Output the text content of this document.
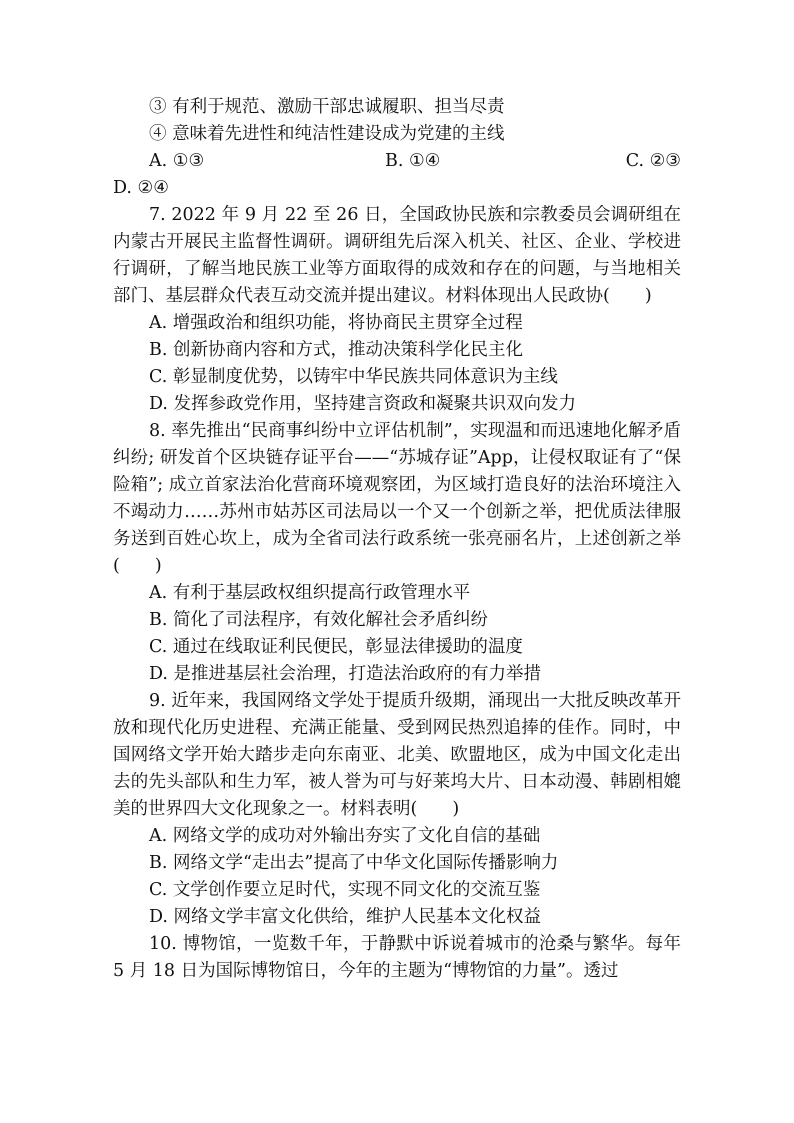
③ 有利于规范、激励干部忠诚履职、担当尽责
④ 意味着先进性和纯洁性建设成为党建的主线
A. ①③	B. ①④	C. ②③
D. ②④

7. 2022 年 9 月 22 至 26 日，全国政协民族和宗教委员会调研组在内蒙古开展民主监督性调研。调研组先后深入机关、社区、企业、学校进行调研，了解当地民族工业等方面取得的成效和存在的问题，与当地相关部门、基层群众代表互动交流并提出建议。材料体现出人民政协(　　)

A. 增强政治和组织功能，将协商民主贯穿全过程
B. 创新协商内容和方式，推动决策科学化民主化
C. 彰显制度优势，以铸牢中华民族共同体意识为主线
D. 发挥参政党作用，坚持建言资政和凝聚共识双向发力

8. 率先推出“民商事纠纷中立评估机制”，实现温和而迅速地化解矛盾纠纷; 研发首个区块链存证平台——“苏城存证”App，让侵权取证有了“保险箱”; 成立首家法治化营商环境观察团，为区域打造良好的法治环境注入不竭动力……苏州市姑苏区司法局以一个又一个创新之举，把优质法律服务送到百姓心坎上，成为全省司法行政系统一张亮丽名片，上述创新之举　(　　)

A. 有利于基层政权组织提高行政管理水平
B. 简化了司法程序，有效化解社会矛盾纠纷
C. 通过在线取证利民便民，彰显法律援助的温度
D. 是推进基层社会治理，打造法治政府的有力举措

9. 近年来，我国网络文学处于提质升级期，涌现出一大批反映改革开放和现代化历史进程、充满正能量、受到网民热烈追捧的佳作。同时，中国网络文学开始大踏步走向东南亚、北美、欧盟地区，成为中国文化走出去的先头部队和生力军，被人誉为可与好莱坞大片、日本动漫、韩剧相媲美的世界四大文化现象之一。材料表明(　　)

A. 网络文学的成功对外输出夯实了文化自信的基础
B. 网络文学“走出去”提高了中华文化国际传播影响力
C. 文学创作要立足时代，实现不同文化的交流互鉴
D. 网络文学丰富文化供给，维护人民基本文化权益

10. 博物馆，一览数千年，于静默中诉说着城市的沧桑与繁华。每年 5 月 18 日为国际博物馆日，今年的主题为“博物馆的力量”。透过
